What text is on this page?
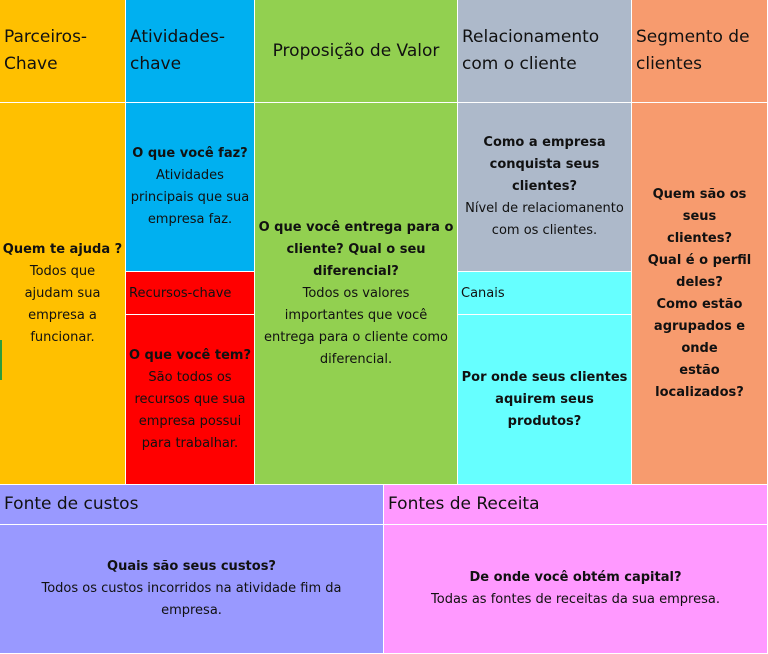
Parceiros-
Chave
Quem te ajuda ?
Todos que
ajudam sua
empresa a
funcionar.
Atividades-
chave
O que você faz?
Atividades
principais que sua
empresa faz.
Recursos-chave
O que você tem?
São todos os
recursos que sua
empresa possui
para trabalhar.
Proposição de Valor
O que você entrega para o
cliente? Qual o seu
diferencial?
Todos os valores
importantes que você
entrega para o cliente como
diferencial.
Relacionamento
com o cliente
Como a empresa
conquista seus
clientes?
Nível de relaciomanento
com os clientes.
Canais
Por onde seus clientes
aquirem seus
produtos?
Segmento de
clientes
Quem são os seus
clientes?
Qual é o perfil
deles?
Como estão
agrupados e onde
estão localizados?
Fonte de custos
Quais são seus custos?
Todos os custos incorridos na atividade fim da
empresa.
Fontes de Receita
De onde você obtém capital?
Todas as fontes de receitas da sua empresa.
